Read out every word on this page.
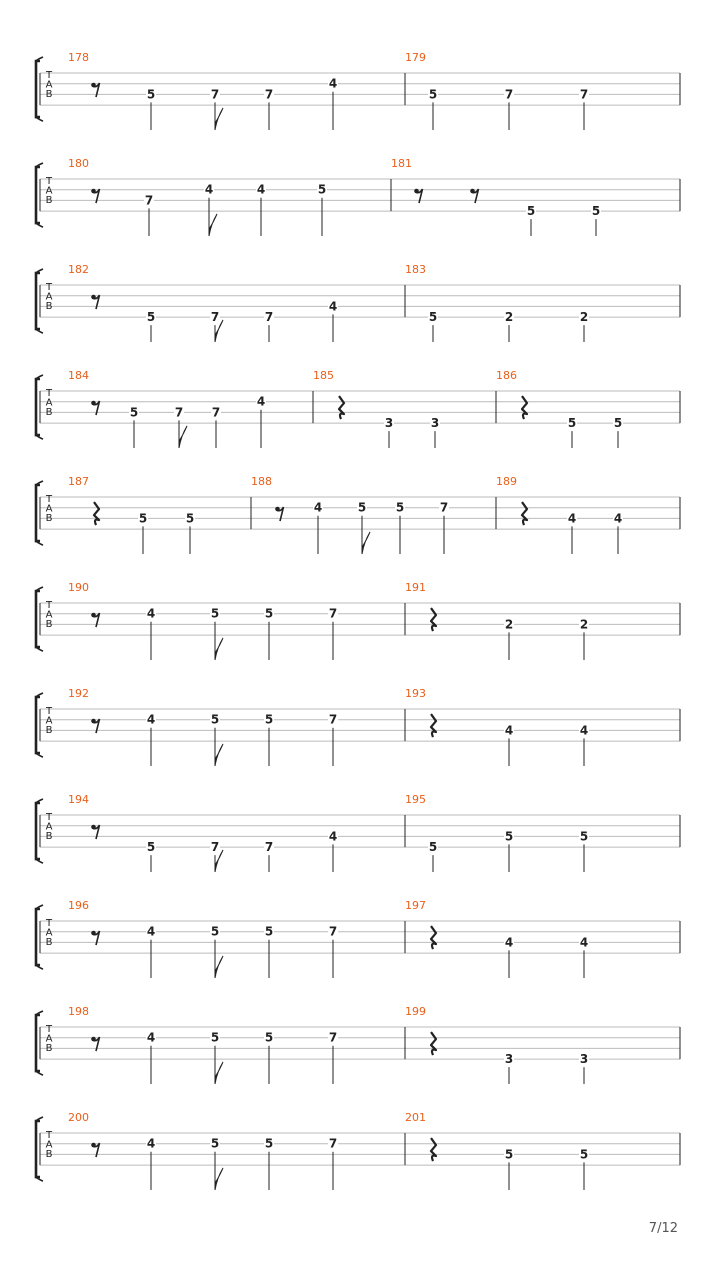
T
A
B
178
5	7	7
4
179
5	7	7
T
A
B
180
7
4	4	5
181
5	5
T
A
B
182
5	7	7
4
183
5	2	2
T
A
B
184
5	7 7
4
185
3	3
186
5	5
T
A
B
187
5	5
188
4	5 5	7
189
4	4
T
A
B
190
4	5	5	7
191
2	2
T
A
B
192
4	5	5	7
193
4	4
T
A
B
194
5	7	7
4
195
5
5	5
T
A
B
196
4	5	5	7
197
4	4
T
A
B
198
4	5	5	7
199
3	3
T
A
B
200
4	5	5	7
201
5	5
7/12
